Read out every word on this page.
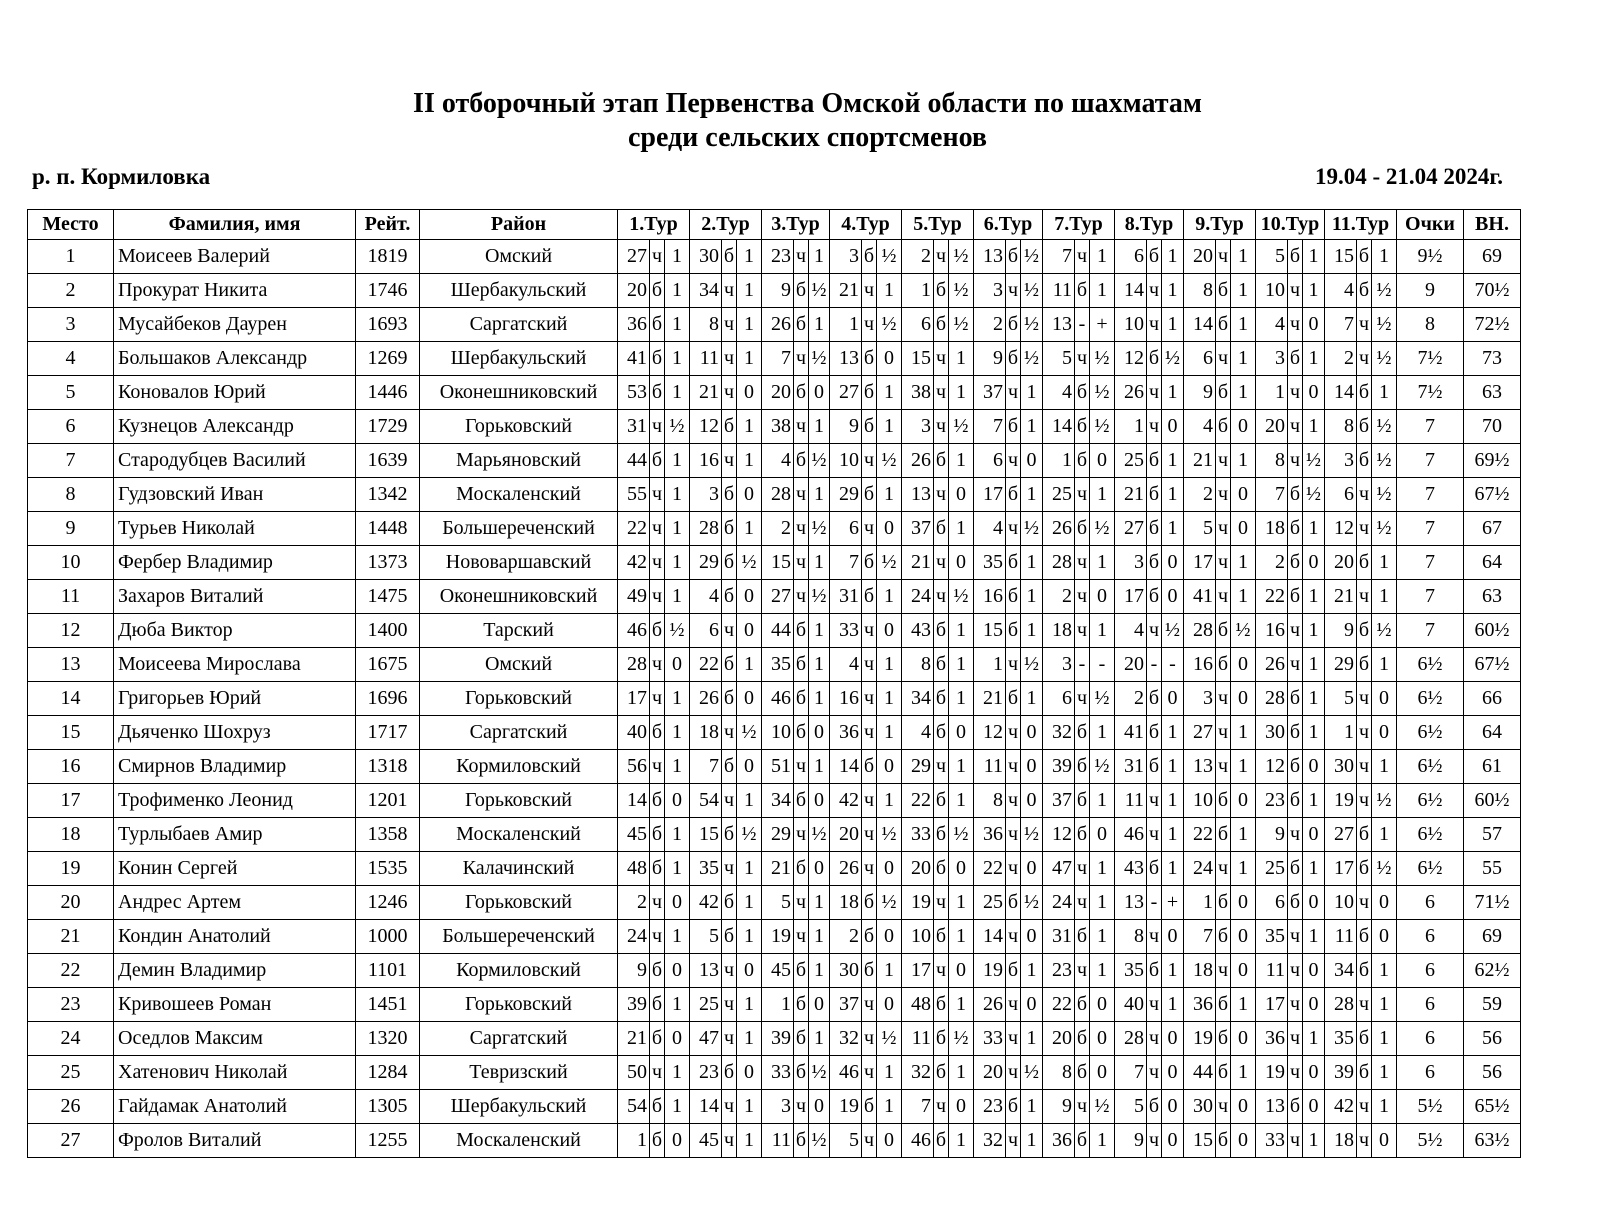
II отборочный этап Первенства Омской области по шахматам
среди сельских спортсменов
р. п. Кормиловка	19.04 - 21.04 2024г.
Место	Фамилия, имя	Рейт.	Район	1.Тур			2.Тур			3.Тур			4.Тур			5.Тур			6.Тур			7.Тур			8.Тур			9.Тур			10.Тур			11.Тур			Очки	ВН.
1	Моисеев Валерий	1819	Омский	27	ч	1	30	б	1	23	ч	1	3	б	½	2	ч	½	13	б	½	7	ч	1	6	б	1	20	ч	1	5	б	1	15	б	1	9½	69
2	Прокурат Никита	1746	Шербакульский	20	б	1	34	ч	1	9	б	½	21	ч	1	1	б	½	3	ч	½	11	б	1	14	ч	1	8	б	1	10	ч	1	4	б	½	9	70½
3	Мусайбеков Даурен	1693	Саргатский	36	б	1	8	ч	1	26	б	1	1	ч	½	6	б	½	2	б	½	13	-	+	10	ч	1	14	б	1	4	ч	0	7	ч	½	8	72½
4	Большаков Александр	1269	Шербакульский	41	б	1	11	ч	1	7	ч	½	13	б	0	15	ч	1	9	б	½	5	ч	½	12	б	½	6	ч	1	3	б	1	2	ч	½	7½	73
5	Коновалов Юрий	1446	Оконешниковский	53	б	1	21	ч	0	20	б	0	27	б	1	38	ч	1	37	ч	1	4	б	½	26	ч	1	9	б	1	1	ч	0	14	б	1	7½	63
6	Кузнецов Александр	1729	Горьковский	31	ч	½	12	б	1	38	ч	1	9	б	1	3	ч	½	7	б	1	14	б	½	1	ч	0	4	б	0	20	ч	1	8	б	½	7	70
7	Стародубцев Василий	1639	Марьяновский	44	б	1	16	ч	1	4	б	½	10	ч	½	26	б	1	6	ч	0	1	б	0	25	б	1	21	ч	1	8	ч	½	3	б	½	7	69½
8	Гудзовский Иван	1342	Москаленский	55	ч	1	3	б	0	28	ч	1	29	б	1	13	ч	0	17	б	1	25	ч	1	21	б	1	2	ч	0	7	б	½	6	ч	½	7	67½
9	Турьев Николай	1448	Большереченский	22	ч	1	28	б	1	2	ч	½	6	ч	0	37	б	1	4	ч	½	26	б	½	27	б	1	5	ч	0	18	б	1	12	ч	½	7	67
10	Фербер Владимир	1373	Нововаршавский	42	ч	1	29	б	½	15	ч	1	7	б	½	21	ч	0	35	б	1	28	ч	1	3	б	0	17	ч	1	2	б	0	20	б	1	7	64
11	Захаров Виталий	1475	Оконешниковский	49	ч	1	4	б	0	27	ч	½	31	б	1	24	ч	½	16	б	1	2	ч	0	17	б	0	41	ч	1	22	б	1	21	ч	1	7	63
12	Дюба Виктор	1400	Тарский	46	б	½	6	ч	0	44	б	1	33	ч	0	43	б	1	15	б	1	18	ч	1	4	ч	½	28	б	½	16	ч	1	9	б	½	7	60½
13	Моисеева Мирослава	1675	Омский	28	ч	0	22	б	1	35	б	1	4	ч	1	8	б	1	1	ч	½	3	-	-	20	-	-	16	б	0	26	ч	1	29	б	1	6½	67½
14	Григорьев Юрий	1696	Горьковский	17	ч	1	26	б	0	46	б	1	16	ч	1	34	б	1	21	б	1	6	ч	½	2	б	0	3	ч	0	28	б	1	5	ч	0	6½	66
15	Дьяченко Шохруз	1717	Саргатский	40	б	1	18	ч	½	10	б	0	36	ч	1	4	б	0	12	ч	0	32	б	1	41	б	1	27	ч	1	30	б	1	1	ч	0	6½	64
16	Смирнов Владимир	1318	Кормиловский	56	ч	1	7	б	0	51	ч	1	14	б	0	29	ч	1	11	ч	0	39	б	½	31	б	1	13	ч	1	12	б	0	30	ч	1	6½	61
17	Трофименко Леонид	1201	Горьковский	14	б	0	54	ч	1	34	б	0	42	ч	1	22	б	1	8	ч	0	37	б	1	11	ч	1	10	б	0	23	б	1	19	ч	½	6½	60½
18	Турлыбаев Амир	1358	Москаленский	45	б	1	15	б	½	29	ч	½	20	ч	½	33	б	½	36	ч	½	12	б	0	46	ч	1	22	б	1	9	ч	0	27	б	1	6½	57
19	Конин Сергей	1535	Калачинский	48	б	1	35	ч	1	21	б	0	26	ч	0	20	б	0	22	ч	0	47	ч	1	43	б	1	24	ч	1	25	б	1	17	б	½	6½	55
20	Андрес Артем	1246	Горьковский	2	ч	0	42	б	1	5	ч	1	18	б	½	19	ч	1	25	б	½	24	ч	1	13	-	+	1	б	0	6	б	0	10	ч	0	6	71½
21	Кондин Анатолий	1000	Большереченский	24	ч	1	5	б	1	19	ч	1	2	б	0	10	б	1	14	ч	0	31	б	1	8	ч	0	7	б	0	35	ч	1	11	б	0	6	69
22	Демин Владимир	1101	Кормиловский	9	б	0	13	ч	0	45	б	1	30	б	1	17	ч	0	19	б	1	23	ч	1	35	б	1	18	ч	0	11	ч	0	34	б	1	6	62½
23	Кривошеев Роман	1451	Горьковский	39	б	1	25	ч	1	1	б	0	37	ч	0	48	б	1	26	ч	0	22	б	0	40	ч	1	36	б	1	17	ч	0	28	ч	1	6	59
24	Оседлов Максим	1320	Саргатский	21	б	0	47	ч	1	39	б	1	32	ч	½	11	б	½	33	ч	1	20	б	0	28	ч	0	19	б	0	36	ч	1	35	б	1	6	56
25	Хатенович Николай	1284	Тевризский	50	ч	1	23	б	0	33	б	½	46	ч	1	32	б	1	20	ч	½	8	б	0	7	ч	0	44	б	1	19	ч	0	39	б	1	6	56
26	Гайдамак Анатолий	1305	Шербакульский	54	б	1	14	ч	1	3	ч	0	19	б	1	7	ч	0	23	б	1	9	ч	½	5	б	0	30	ч	0	13	б	0	42	ч	1	5½	65½
27	Фролов Виталий	1255	Москаленский	1	б	0	45	ч	1	11	б	½	5	ч	0	46	б	1	32	ч	1	36	б	1	9	ч	0	15	б	0	33	ч	1	18	ч	0	5½	63½
